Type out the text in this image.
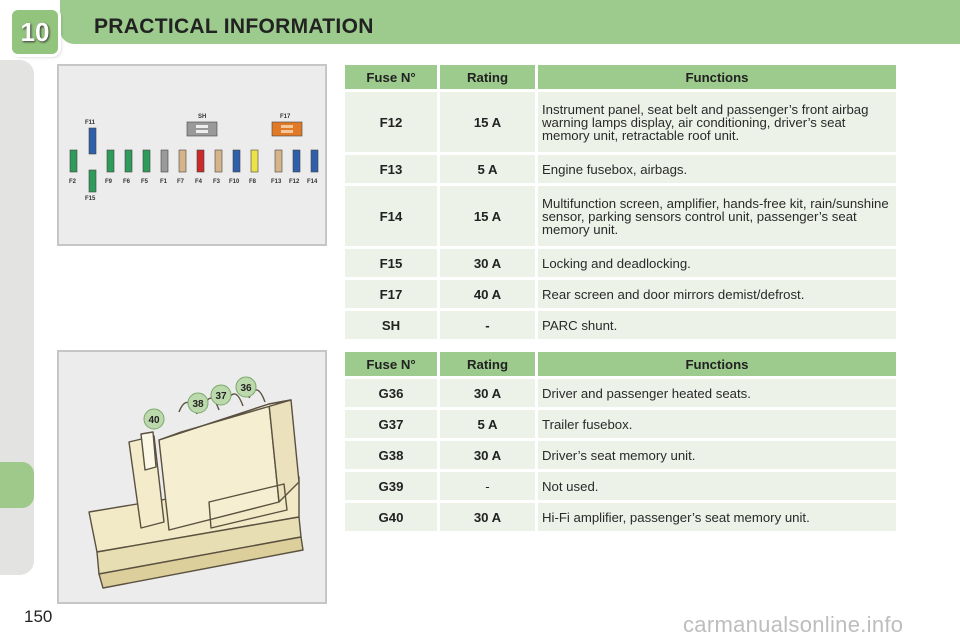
10	PRACTICAL INFORMATION
F11
SH	F17
F15
F2	F9 F6 F5 F1 F7 F4 F3 F10 F8 F13 F12 F14
40
38
37
36
Fuse N°	Rating	Functions
F12	15 A	Instrument panel, seat belt and passenger’s front airbag warning lamps display, air conditioning, driver’s seat memory unit, retractable roof unit.
F13	5 A	Engine fusebox, airbags.
F14	15 A	Multifunction screen, amplifier, hands-free kit, rain/sunshine sensor, parking sensors control unit, passenger’s seat memory unit.
F15	30 A	Locking and deadlocking.
F17	40 A	Rear screen and door mirrors demist/defrost.
SH	-	PARC shunt.
Fuse N°	Rating	Functions
G36	30 A	Driver and passenger heated seats.
G37	5 A	Trailer fusebox.
G38	30 A	Driver’s seat memory unit.
G39	-	Not used.
G40	30 A	Hi-Fi amplifier, passenger’s seat memory unit.
150	carmanualsonline.info
